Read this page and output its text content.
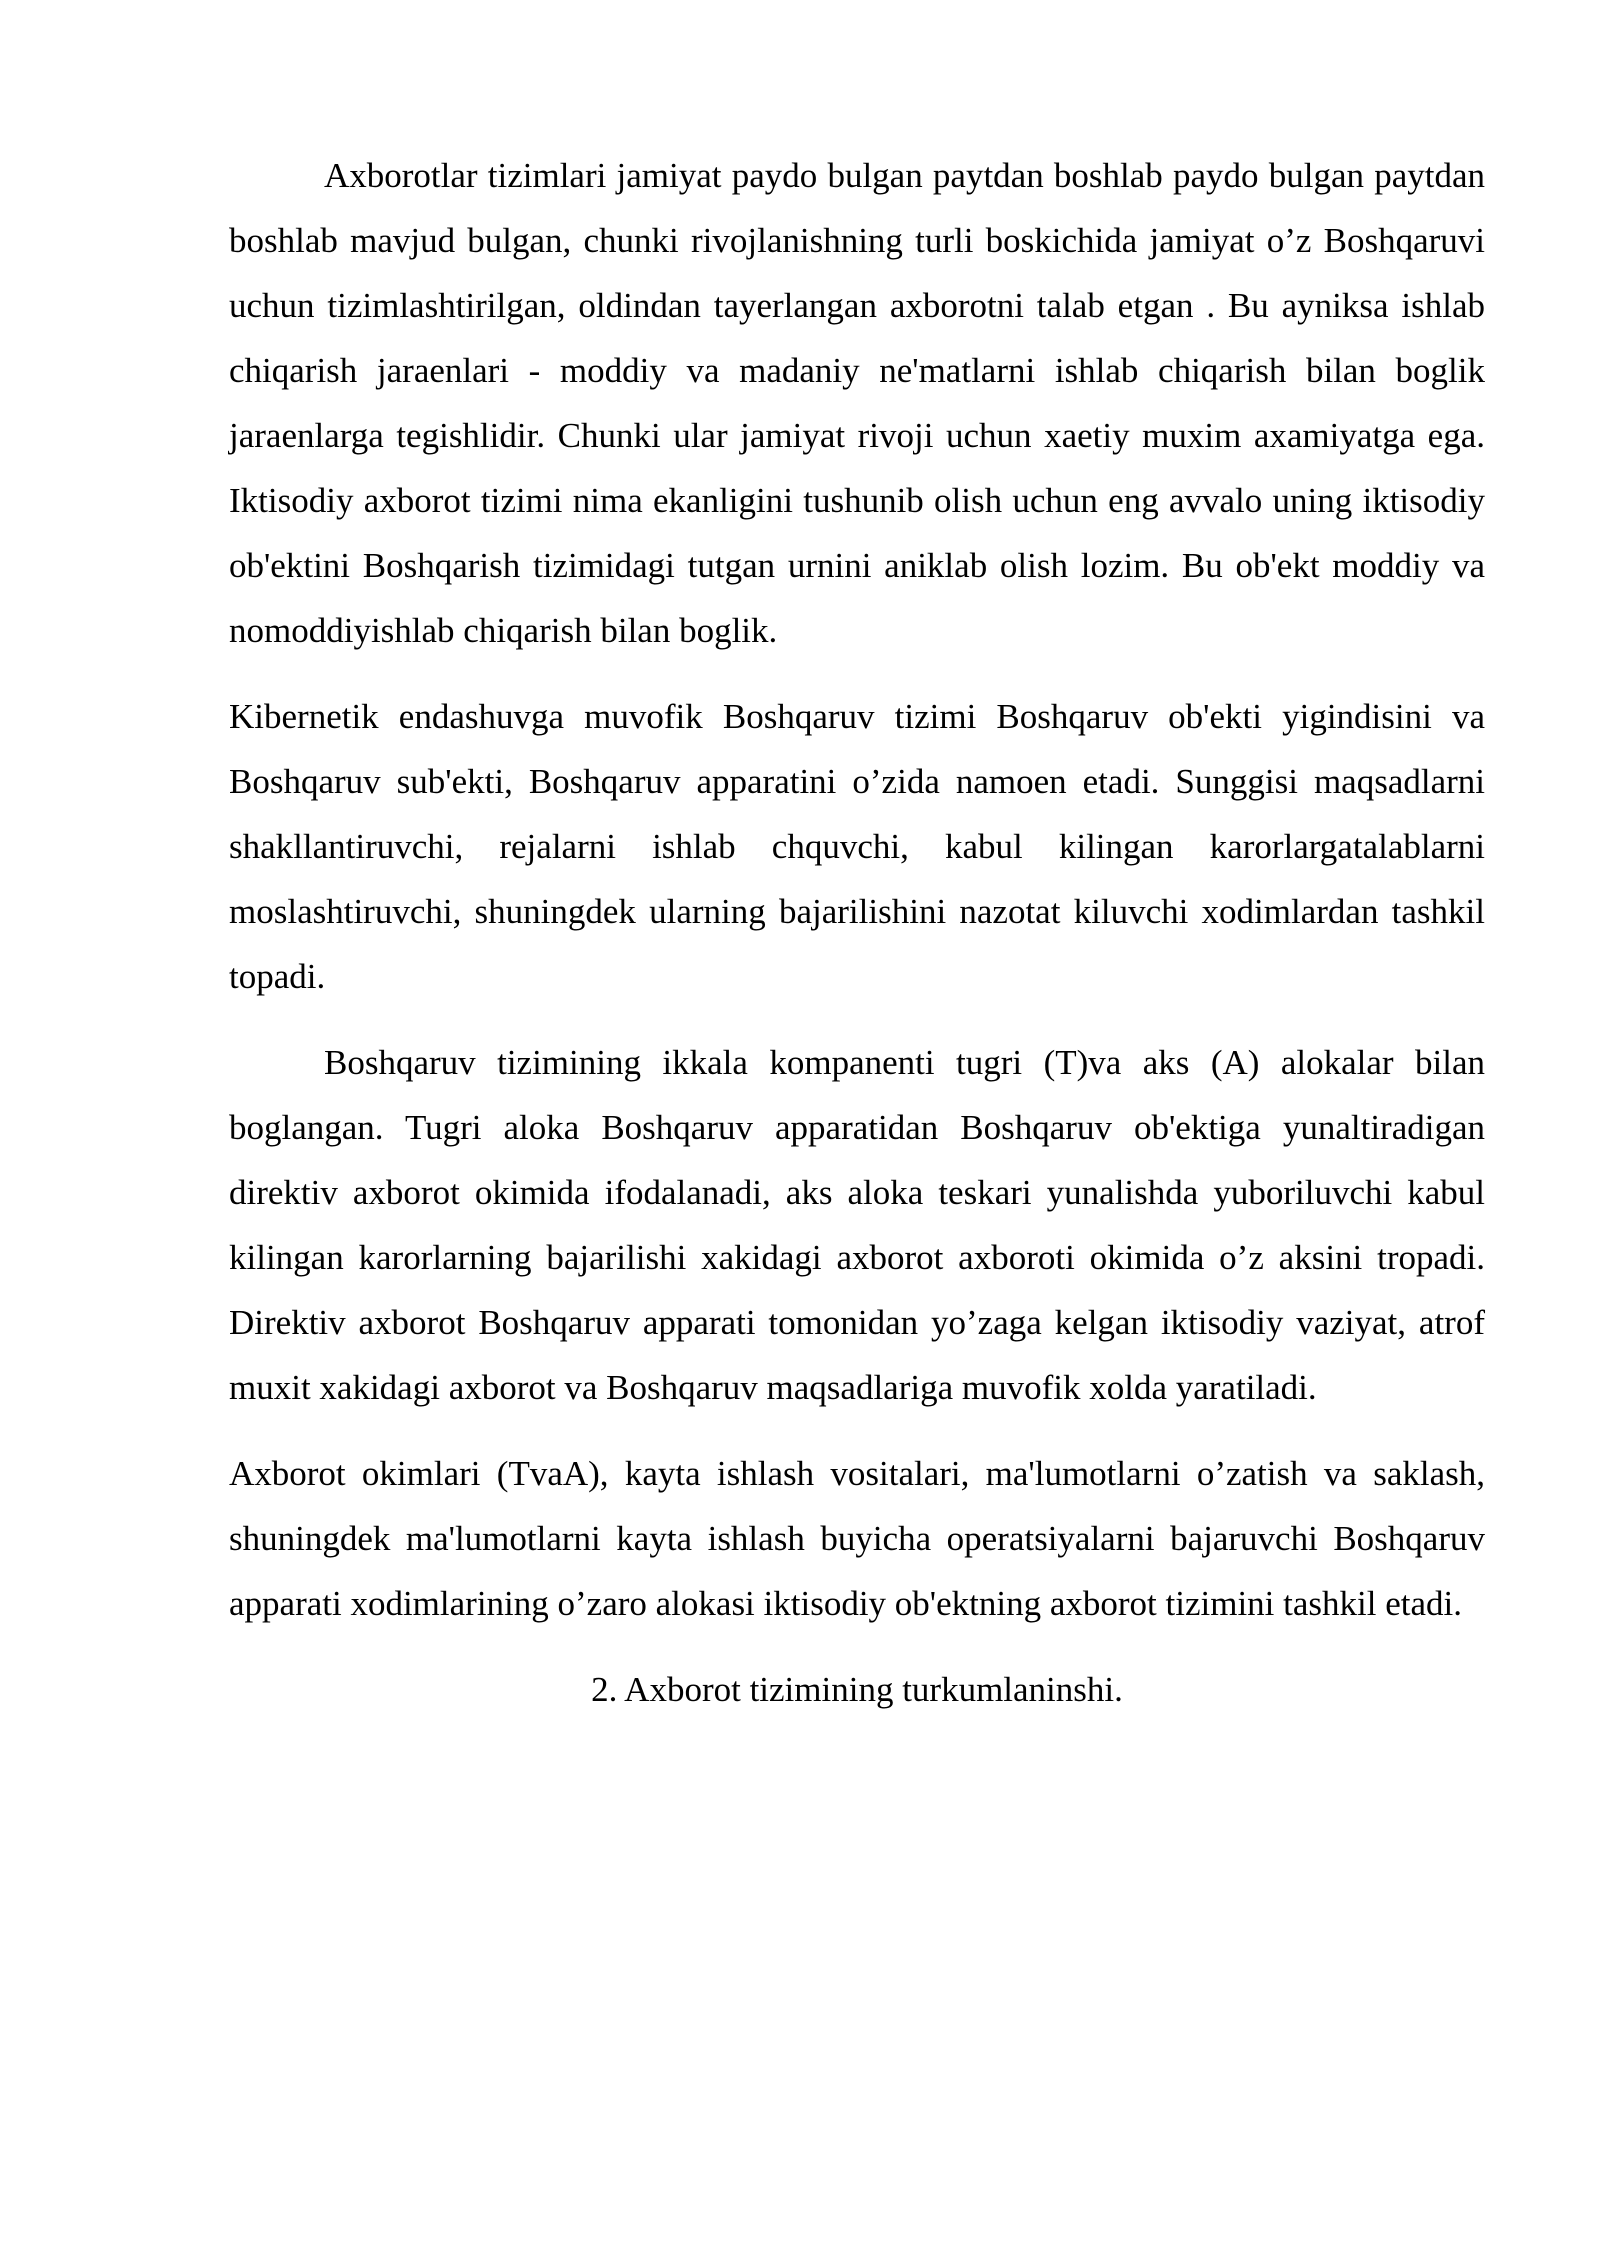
Axborotlar tizimlari jamiyat paydo bulgan paytdan boshlab paydo bulgan paytdan boshlab mavjud bulgan, chunki rivojlanishning turli boskichida jamiyat o’z Boshqaruvi uchun tizimlashtirilgan, oldindan tayerlangan axborotni talab etgan . Bu ayniksa ishlab chiqarish jaraenlari - moddiy va madaniy ne'matlarni ishlab chiqarish bilan boglik jaraenlarga tegishlidir. Chunki ular jamiyat rivoji uchun xaetiy muxim axamiyatga ega. Iktisodiy axborot tizimi nima ekanligini tushunib olish uchun eng avvalo uning iktisodiy ob'ektini Boshqarish tizimidagi tutgan urnini aniklab olish lozim. Bu ob'ekt moddiy va nomoddiyishlab chiqarish bilan boglik.

Kibernetik endashuvga muvofik Boshqaruv tizimi Boshqaruv ob'ekti yigindisini va Boshqaruv sub'ekti, Boshqaruv apparatini o’zida namoen etadi. Sunggisi maqsadlarni shakllantiruvchi, rejalarni ishlab chquvchi, kabul kilingan karorlargatalablarni moslashtiruvchi, shuningdek ularning bajarilishini nazotat kiluvchi xodimlardan tashkil topadi.

Boshqaruv tizimining ikkala kompanenti tugri (T)va aks (A) alokalar bilan boglangan. Tugri aloka Boshqaruv apparatidan Boshqaruv ob'ektiga yunaltiradigan direktiv axborot okimida ifodalanadi, aks aloka teskari yunalishda yuboriluvchi kabul kilingan karorlarning bajarilishi xakidagi axborot axboroti okimida o’z aksini tropadi. Direktiv axborot Boshqaruv apparati tomonidan yo’zaga kelgan iktisodiy vaziyat, atrof muxit xakidagi axborot va Boshqaruv maqsadlariga muvofik xolda yaratiladi.

Axborot okimlari (TvaA), kayta ishlash vositalari, ma'lumotlarni o’zatish va saklash, shuningdek ma'lumotlarni kayta ishlash buyicha operatsiyalarni bajaruvchi Boshqaruv apparati xodimlarining o’zaro alokasi iktisodiy ob'ektning axborot tizimini tashkil etadi.

2. Axborot tizimining turkumlaninshi.
